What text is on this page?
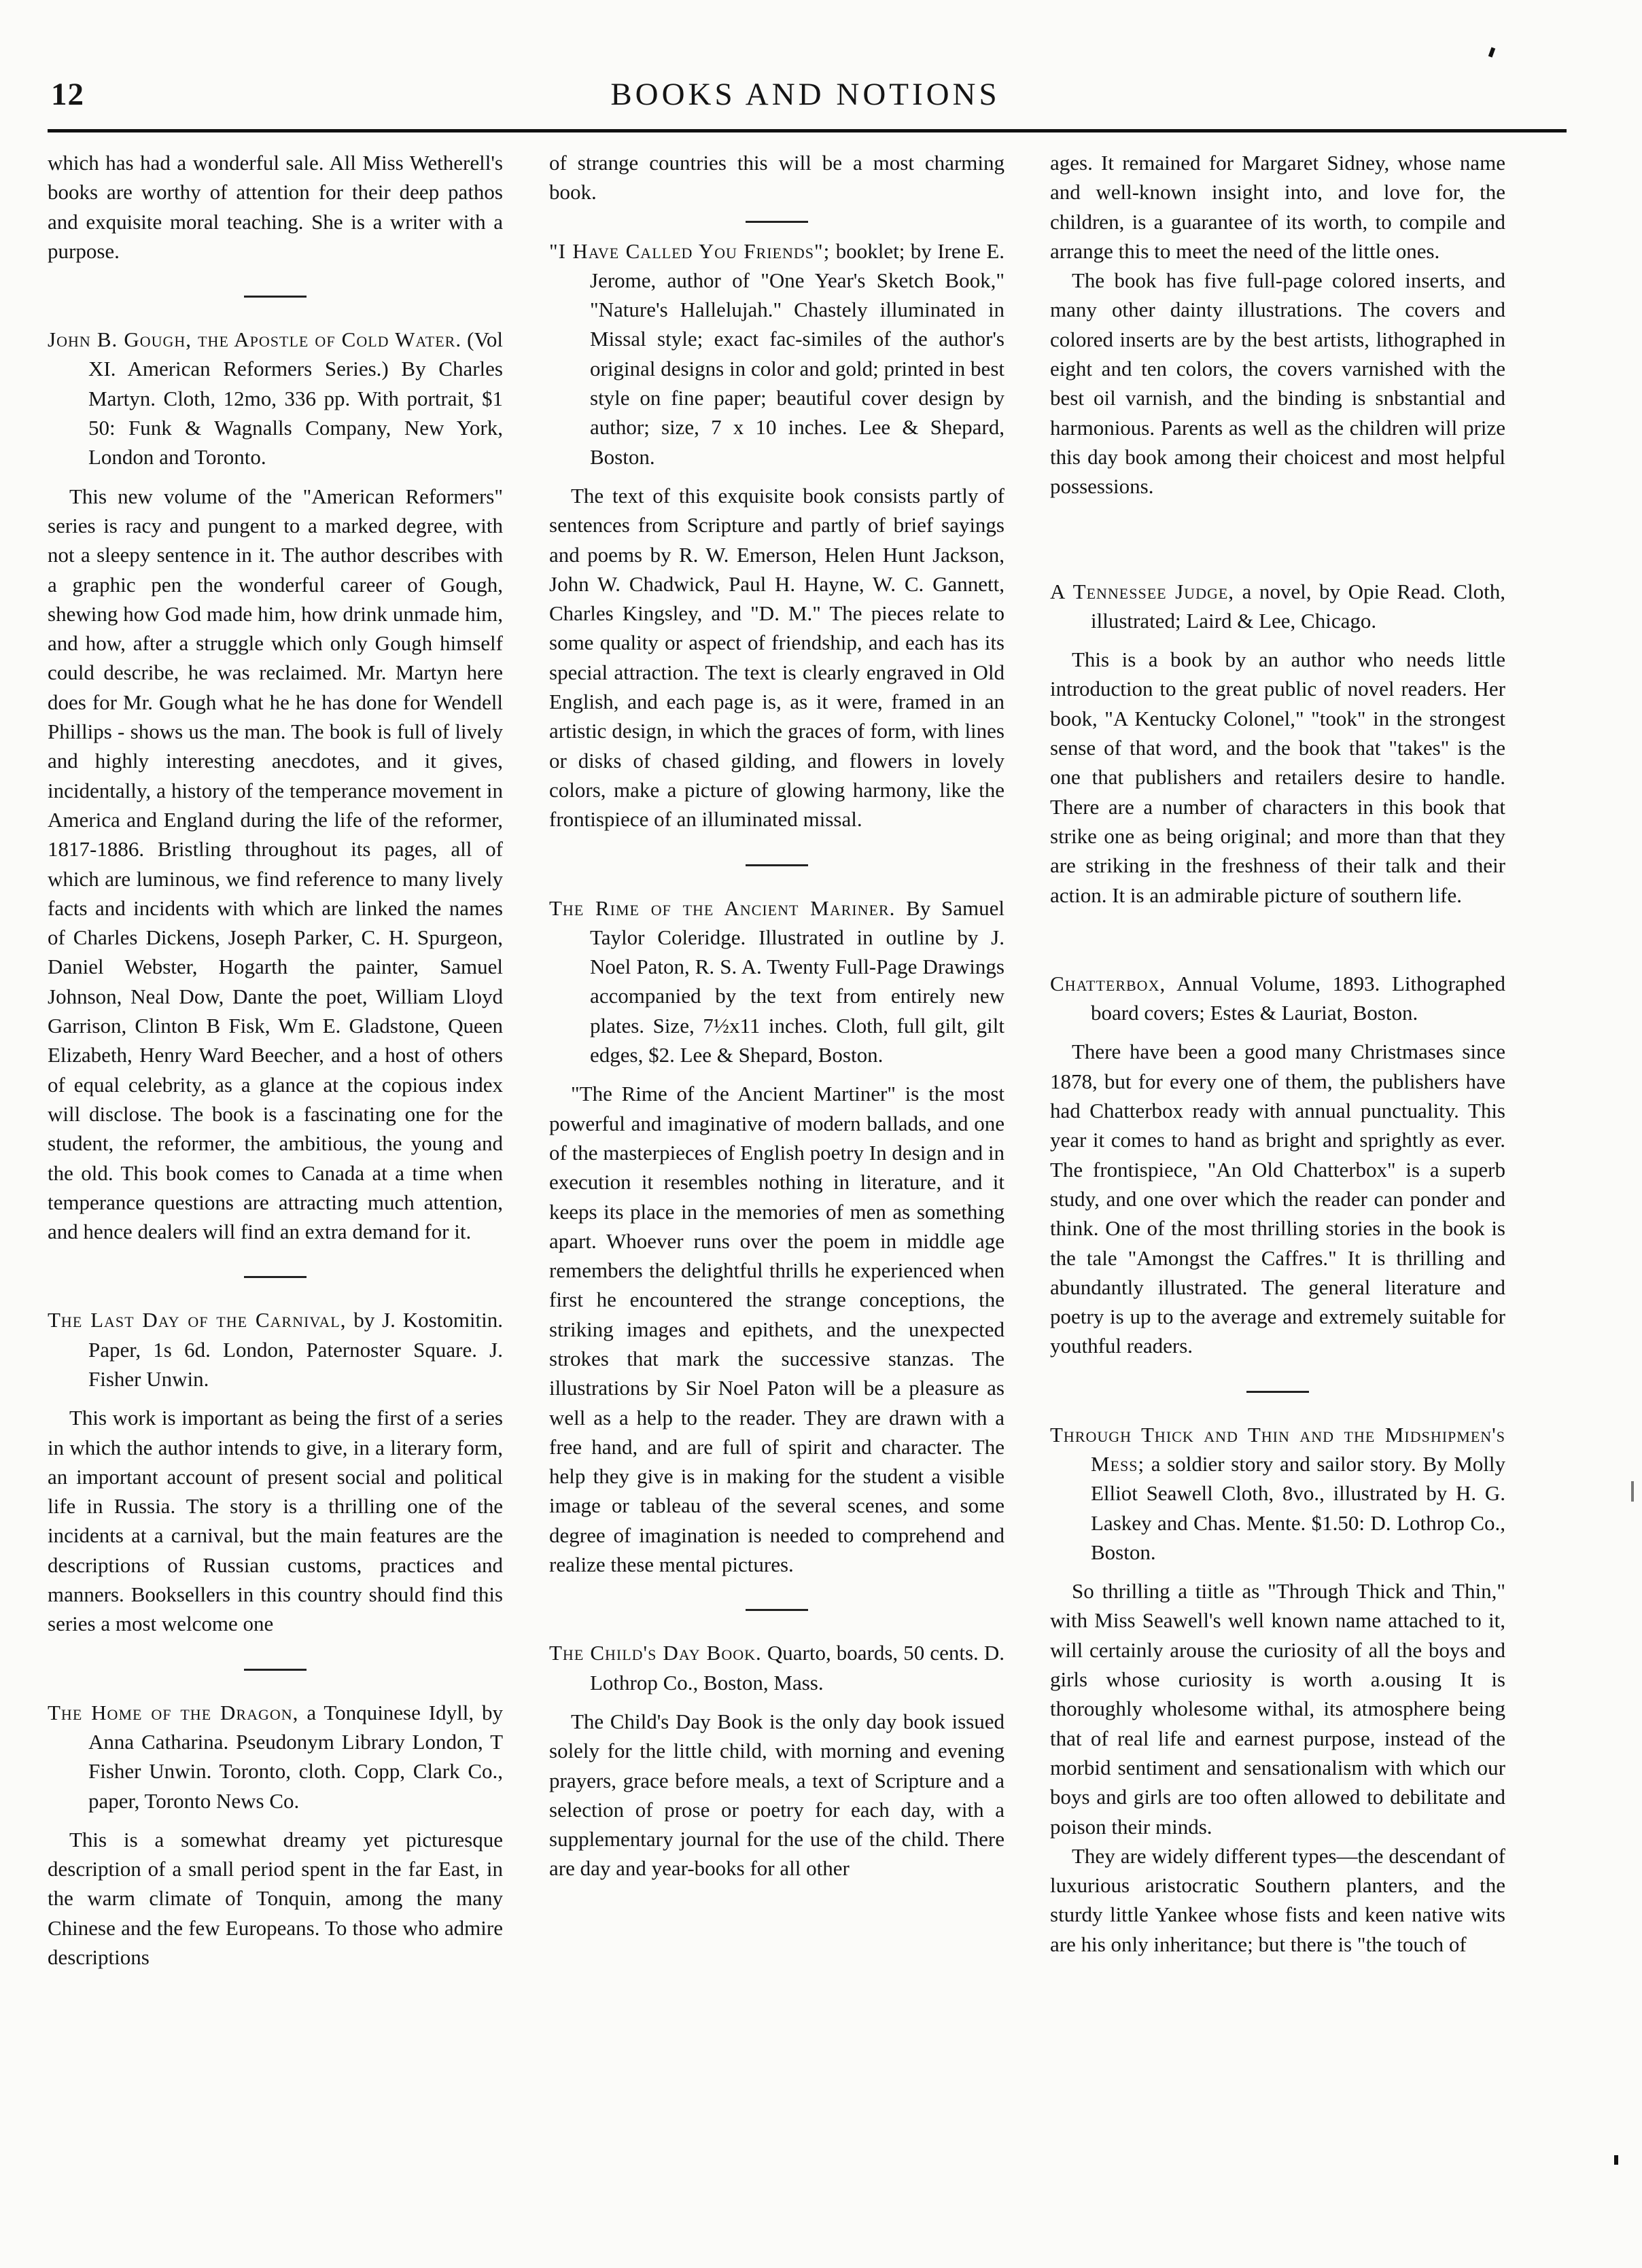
12	BOOKS AND NOTIONS

which has had a wonderful sale. All Miss Wetherell's books are worthy of attention for their deep pathos and exquisite moral teaching. She is a writer with a purpose.

John B. Gough, the Apostle of Cold Water. (Vol XI. American Reformers Series.) By Charles Martyn. Cloth, 12mo, 336 pp. With portrait, $1 50: Funk & Wagnalls Company, New York, London and Toronto.

This new volume of the "American Reformers" series is racy and pungent to a marked degree, with not a sleepy sentence in it. The author describes with a graphic pen the wonderful career of Gough, shewing how God made him, how drink unmade him, and how, after a struggle which only Gough himself could describe, he was reclaimed. Mr. Martyn here does for Mr. Gough what he he has done for Wendell Phillips - shows us the man. The book is full of lively and highly interesting anecdotes, and it gives, incidentally, a history of the temperance movement in America and England during the life of the reformer, 1817-1886. Bristling throughout its pages, all of which are luminous, we find reference to many lively facts and incidents with which are linked the names of Charles Dickens, Joseph Parker, C. H. Spurgeon, Daniel Webster, Hogarth the painter, Samuel Johnson, Neal Dow, Dante the poet, William Lloyd Garrison, Clinton B Fisk, Wm E. Gladstone, Queen Elizabeth, Henry Ward Beecher, and a host of others of equal celebrity, as a glance at the copious index will disclose. The book is a fascinating one for the student, the reformer, the ambitious, the young and the old. This book comes to Canada at a time when temperance questions are attracting much attention, and hence dealers will find an extra demand for it.

The Last Day of the Carnival, by J. Kostomitin. Paper, 1s 6d. London, Paternoster Square. J. Fisher Unwin.

This work is important as being the first of a series in which the author intends to give, in a literary form, an important account of present social and political life in Russia. The story is a thrilling one of the incidents at a carnival, but the main features are the descriptions of Russian customs, practices and manners. Booksellers in this country should find this series a most welcome one

The Home of the Dragon, a Tonquinese Idyll, by Anna Catharina. Pseudonym Library London, T Fisher Unwin. Toronto, cloth. Copp, Clark Co., paper, Toronto News Co.

This is a somewhat dreamy yet picturesque description of a small period spent in the far East, in the warm climate of Tonquin, among the many Chinese and the few Europeans. To those who admire descriptions

of strange countries this will be a most charming book.

"I Have Called You Friends"; booklet; by Irene E. Jerome, author of "One Year's Sketch Book," "Nature's Hallelujah." Chastely illuminated in Missal style; exact fac-similes of the author's original designs in color and gold; printed in best style on fine paper; beautiful cover design by author; size, 7 x 10 inches. Lee & Shepard, Boston.

The text of this exquisite book consists partly of sentences from Scripture and partly of brief sayings and poems by R. W. Emerson, Helen Hunt Jackson, John W. Chadwick, Paul H. Hayne, W. C. Gannett, Charles Kingsley, and "D. M." The pieces relate to some quality or aspect of friendship, and each has its special attraction. The text is clearly engraved in Old English, and each page is, as it were, framed in an artistic design, in which the graces of form, with lines or disks of chased gilding, and flowers in lovely colors, make a picture of glowing harmony, like the frontispiece of an illuminated missal.

The Rime of the Ancient Mariner. By Samuel Taylor Coleridge. Illustrated in outline by J. Noel Paton, R. S. A. Twenty Full-Page Drawings accompanied by the text from entirely new plates. Size, 7½x11 inches. Cloth, full gilt, gilt edges, $2. Lee & Shepard, Boston.

"The Rime of the Ancient Martiner" is the most powerful and imaginative of modern ballads, and one of the masterpieces of English poetry In design and in execution it resembles nothing in literature, and it keeps its place in the memories of men as something apart. Whoever runs over the poem in middle age remembers the delightful thrills he experienced when first he encountered the strange conceptions, the striking images and epithets, and the unexpected strokes that mark the successive stanzas. The illustrations by Sir Noel Paton will be a pleasure as well as a help to the reader. They are drawn with a free hand, and are full of spirit and character. The help they give is in making for the student a visible image or tableau of the several scenes, and some degree of imagination is needed to comprehend and realize these mental pictures.

The Child's Day Book. Quarto, boards, 50 cents. D. Lothrop Co., Boston, Mass.

The Child's Day Book is the only day book issued solely for the little child, with morning and evening prayers, grace before meals, a text of Scripture and a selection of prose or poetry for each day, with a supplementary journal for the use of the child. There are day and year-books for all other

ages. It remained for Margaret Sidney, whose name and well-known insight into, and love for, the children, is a guarantee of its worth, to compile and arrange this to meet the need of the little ones.

The book has five full-page colored inserts, and many other dainty illustrations. The covers and colored inserts are by the best artists, lithographed in eight and ten colors, the covers varnished with the best oil varnish, and the binding is snbstantial and harmonious. Parents as well as the children will prize this day book among their choicest and most helpful possessions.

A Tennessee Judge, a novel, by Opie Read. Cloth, illustrated; Laird & Lee, Chicago.

This is a book by an author who needs little introduction to the great public of novel readers. Her book, "A Kentucky Colonel," "took" in the strongest sense of that word, and the book that "takes" is the one that publishers and retailers desire to handle. There are a number of characters in this book that strike one as being original; and more than that they are striking in the freshness of their talk and their action. It is an admirable picture of southern life.

Chatterbox, Annual Volume, 1893. Lithographed board covers; Estes & Lauriat, Boston.

There have been a good many Christmases since 1878, but for every one of them, the publishers have had Chatterbox ready with annual punctuality. This year it comes to hand as bright and sprightly as ever. The frontispiece, "An Old Chatterbox" is a superb study, and one over which the reader can ponder and think. One of the most thrilling stories in the book is the tale "Amongst the Caffres." It is thrilling and abundantly illustrated. The general literature and poetry is up to the average and extremely suitable for youthful readers.

Through Thick and Thin and the Midshipmen's Mess; a soldier story and sailor story. By Molly Elliot Seawell Cloth, 8vo., illustrated by H. G. Laskey and Chas. Mente. $1.50: D. Lothrop Co., Boston.

So thrilling a tiitle as "Through Thick and Thin," with Miss Seawell's well known name attached to it, will certainly arouse the curiosity of all the boys and girls whose curiosity is worth a.ousing It is thoroughly wholesome withal, its atmosphere being that of real life and earnest purpose, instead of the morbid sentiment and sensationalism with which our boys and girls are too often allowed to debilitate and poison their minds.

They are widely different types—the descendant of luxurious aristocratic Southern planters, and the sturdy little Yankee whose fists and keen native wits are his only inheritance; but there is "the touch of
